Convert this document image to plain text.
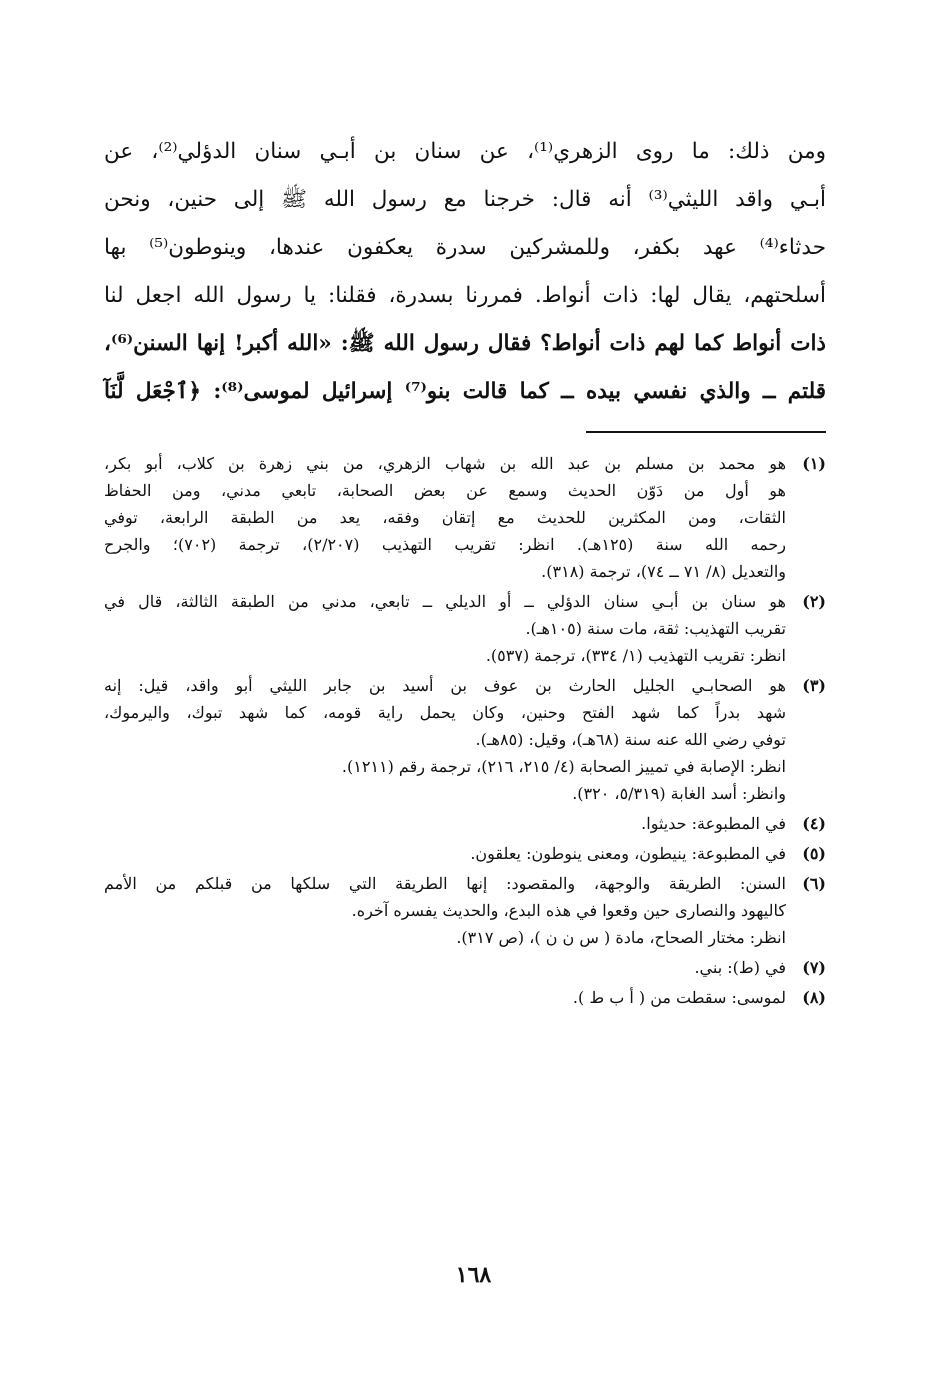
ومن ذلك: ما روى الزهري⁽¹⁾، عن سنان بن أبـي سنان الدؤلي⁽²⁾، عن

أبـي واقد الليثي⁽³⁾ أنه قال: خرجنا مع رسول الله ﷺ إلى حنين، ونحن

حدثاء⁽⁴⁾ عهد بكفر، وللمشركين سدرة يعكفون عندها، وينوطون⁽⁵⁾ بها

أسلحتهم، يقال لها: ذات أنواط. فمررنا بسدرة، فقلنا: يا رسول الله اجعل لنا

ذات أنواط كما لهم ذات أنواط؟ فقال رسول الله ﷺ: «الله أكبر! إنها السنن⁽⁶⁾،

قلتم ــ والذي نفسي بيده ــ كما قالت بنو⁽⁷⁾ إسرائيل لموسى⁽⁸⁾: ﴿ٱجْعَل لَّنَآ

(١)
هو محمد بن مسلم بن عبد الله بن شهاب الزهري، من بني زهرة بن كلاب، أبو بكر،
هو أول من دَوّن الحديث وسمع عن بعض الصحابة، تابعي مدني، ومن الحفاظ
الثقات، ومن المكثرين للحديث مع إتقان وفقه، يعد من الطبقة الرابعة، توفي
رحمه الله سنة (١٢٥هـ). انظر: تقريب التهذيب (٢/٢٠٧)، ترجمة (٧٠٢)؛ والجرح
والتعديل (٨/ ٧١ ــ ٧٤)، ترجمة (٣١٨).
(٢)
هو سنان بن أبـي سنان الدؤلي ــ أو الديلي ــ تابعي، مدني من الطبقة الثالثة، قال في
تقريب التهذيب: ثقة، مات سنة (١٠٥هـ).
انظر: تقريب التهذيب (١/ ٣٣٤)، ترجمة (٥٣٧).
(٣)
هو الصحابـي الجليل الحارث بن عوف بن أسيد بن جابر الليثي أبو واقد، قيل: إنه
شهد بدراً كما شهد الفتح وحنين، وكان يحمل راية قومه، كما شهد تبوك، واليرموك،
توفي رضي الله عنه سنة (٦٨هـ)، وقيل: (٨٥هـ).
انظر: الإصابة في تمييز الصحابة (٤/ ٢١٥، ٢١٦)، ترجمة رقم (١٢١١).
وانظر: أسد الغابة (٥/٣١٩، ٣٢٠).
(٤)
في المطبوعة: حديثوا.
(٥)
في المطبوعة: ينيطون، ومعنى ينوطون: يعلقون.
(٦)
السنن: الطريقة والوجهة، والمقصود: إنها الطريقة التي سلكها من قبلكم من الأمم
كاليهود والنصارى حين وقعوا في هذه البدع، والحديث يفسره آخره.
انظر: مختار الصحاح، مادة ( س ن ن )، (ص ٣١٧).
(٧)
في (ط): بني.
(٨)
لموسى: سقطت من ( أ ب ط ).
١٦٨
